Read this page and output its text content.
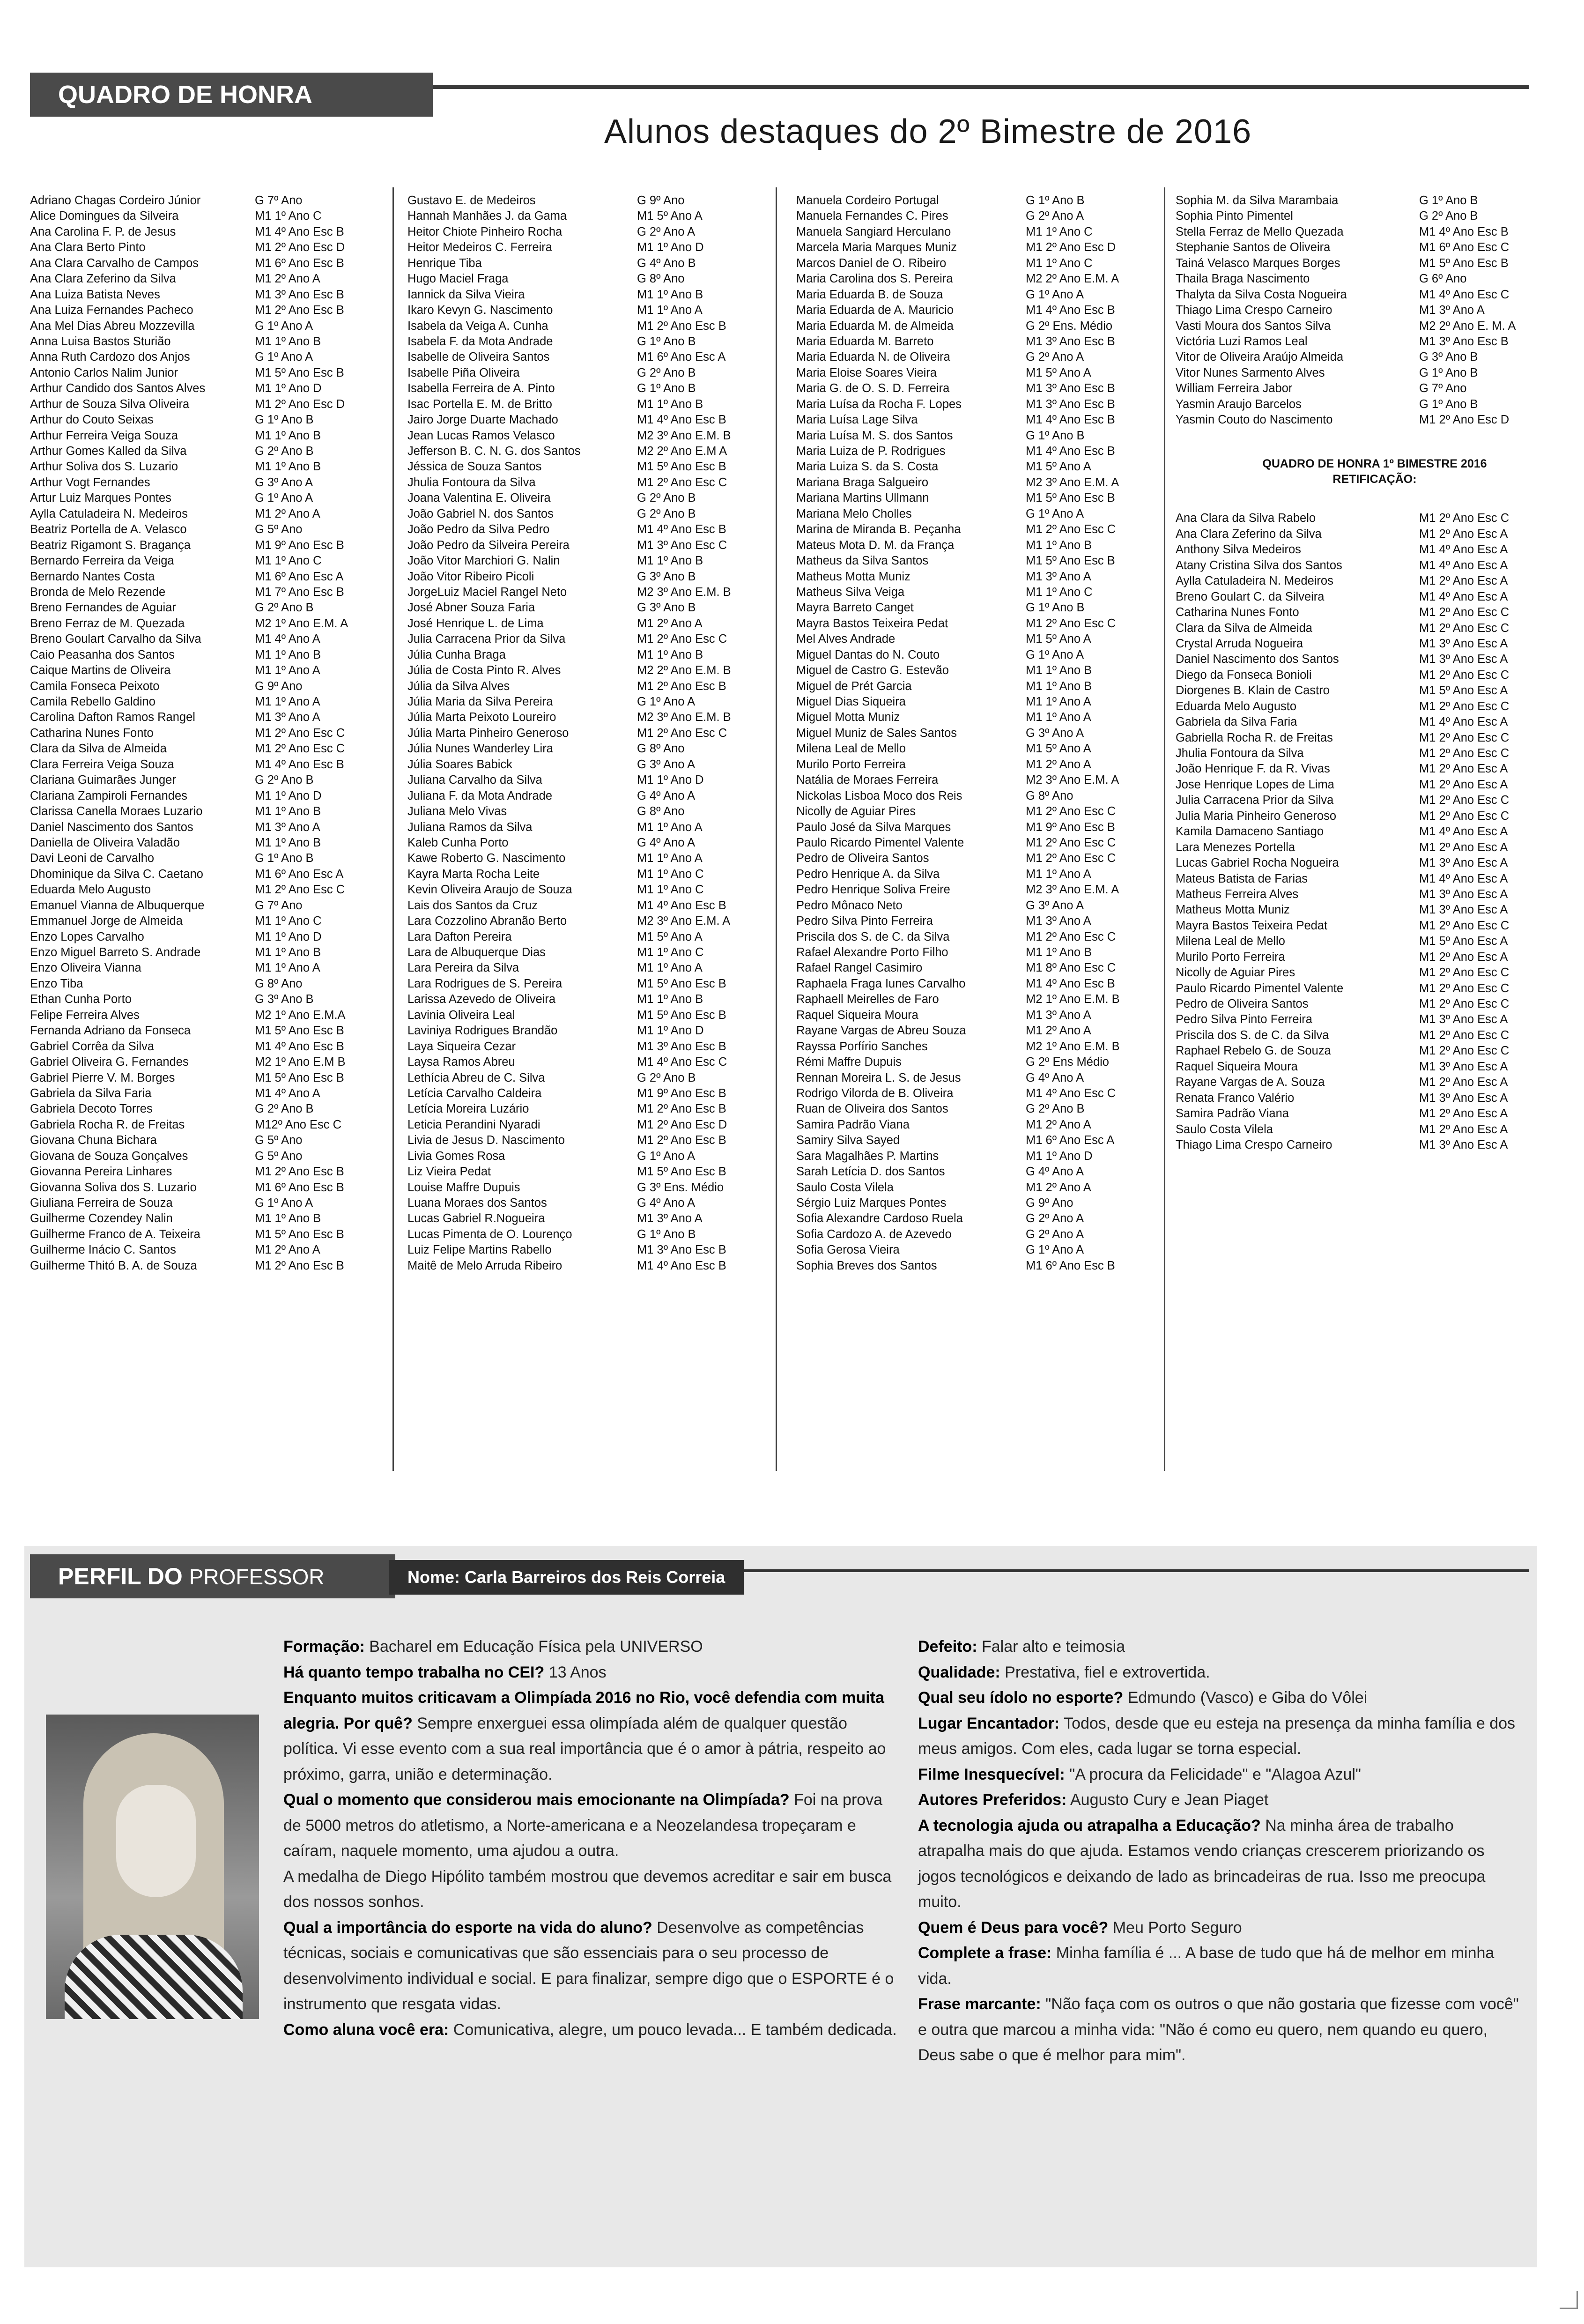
QUADRO DE HONRA
Alunos destaques do 2º Bimestre de 2016
Adriano Chagas Cordeiro Júnior	G 7º Ano
Alice Domingues da Silveira	M1 1º Ano C
Ana Carolina F. P. de Jesus	M1 4º Ano Esc B
Ana Clara Berto Pinto	M1 2º Ano Esc D
Ana Clara Carvalho de Campos	M1 6º Ano Esc B
Ana Clara Zeferino da Silva	M1 2º Ano A
Ana Luiza Batista Neves	M1 3º Ano Esc B
Ana Luiza Fernandes Pacheco	M1 2º Ano Esc B
Ana Mel Dias Abreu Mozzevilla	G 1º Ano A
Anna Luisa Bastos Sturião	M1 1º Ano B
Anna Ruth Cardozo dos Anjos	G 1º Ano A
Antonio Carlos Nalim Junior	M1 5º Ano Esc B
Arthur Candido dos Santos Alves	M1 1º Ano D
Arthur de Souza Silva Oliveira	M1 2º Ano Esc D
Arthur do Couto Seixas	G 1º Ano B
Arthur Ferreira Veiga Souza	M1 1º Ano B
Arthur Gomes Kalled da Silva	G 2º Ano B
Arthur Soliva dos S. Luzario	M1 1º Ano B
Arthur Vogt Fernandes	G 3º Ano A
Artur Luiz Marques Pontes	G 1º Ano A
Aylla Catuladeira N. Medeiros	M1 2º Ano A
Beatriz Portella de A. Velasco	G 5º Ano
Beatriz Rigamont S. Bragança	M1 9º Ano Esc B
Bernardo Ferreira da Veiga	M1 1º Ano C
Bernardo Nantes Costa	M1 6º Ano Esc A
Bronda de Melo Rezende	M1 7º Ano Esc B
Breno Fernandes de Aguiar	G 2º Ano B
Breno Ferraz de M. Quezada	M2 1º Ano E.M. A
Breno Goulart Carvalho da Silva	M1 4º Ano A
Caio Peasanha dos Santos	M1 1º Ano B
Caique Martins de Oliveira	M1 1º Ano A
Camila Fonseca Peixoto	G 9º Ano
Camila Rebello Galdino	M1 1º Ano A
Carolina Dafton Ramos Rangel	M1 3º Ano A
Catharina Nunes Fonto	M1 2º Ano Esc C
Clara da Silva de Almeida	M1 2º Ano Esc C
Clara Ferreira Veiga Souza	M1 4º Ano Esc B
Clariana Guimarães Junger	G 2º Ano B
Clariana Zampiroli Fernandes	M1 1º Ano D
Clarissa Canella Moraes Luzario	M1 1º Ano B
Daniel Nascimento dos Santos	M1 3º Ano A
Daniella de Oliveira Valadão	M1 1º Ano B
Davi Leoni de Carvalho	G 1º Ano B
Dhominique da Silva C. Caetano	M1 6º Ano Esc A
Eduarda Melo Augusto	M1 2º Ano Esc C
Emanuel Vianna de Albuquerque	G 7º Ano
Emmanuel Jorge de Almeida	M1 1º Ano C
Enzo Lopes Carvalho	M1 1º Ano D
Enzo Miguel Barreto S. Andrade	M1 1º Ano B
Enzo Oliveira Vianna	M1 1º Ano A
Enzo Tiba	G 8º Ano
Ethan Cunha Porto	G 3º Ano B
Felipe Ferreira Alves	M2 1º Ano E.M.A
Fernanda Adriano da Fonseca	M1 5º Ano Esc B
Gabriel Corrêa da Silva	M1 4º Ano Esc B
Gabriel Oliveira G. Fernandes	M2 1º Ano E.M B
Gabriel Pierre V. M. Borges	M1 5º Ano Esc B
Gabriela da Silva Faria	M1 4º Ano A
Gabriela Decoto Torres	G 2º Ano B
Gabriela Rocha R. de Freitas	M12º Ano Esc C
Giovana Chuna Bichara	G 5º Ano
Giovana de Souza Gonçalves	G 5º Ano
Giovanna Pereira Linhares	M1 2º Ano Esc B
Giovanna Soliva dos S. Luzario	M1 6º Ano Esc B
Giuliana Ferreira de Souza	G 1º Ano A
Guilherme Cozendey Nalin	M1 1º Ano B
Guilherme Franco de A. Teixeira	M1 5º Ano Esc B
Guilherme Inácio C. Santos	M1 2º Ano A
Guilherme Thitó B. A. de Souza	M1 2º Ano Esc B
Gustavo E. de Medeiros	G 9º Ano
Hannah Manhães J. da Gama	M1 5º Ano A
Heitor Chiote Pinheiro Rocha	G 2º Ano A
Heitor Medeiros C. Ferreira	M1 1º Ano D
Henrique Tiba	G 4º Ano B
Hugo Maciel Fraga	G 8º Ano
Iannick da Silva Vieira	M1 1º Ano B
Ikaro Kevyn G. Nascimento	M1 1º Ano A
Isabela da Veiga A. Cunha	M1 2º Ano Esc B
Isabela F. da Mota Andrade	G 1º Ano B
Isabelle de Oliveira Santos	M1 6º Ano Esc A
Isabelle Piña Oliveira	G 2º Ano B
Isabella Ferreira de A. Pinto	G 1º Ano B
Isac Portella E. M. de Britto	M1 1º Ano B
Jairo Jorge Duarte Machado	M1 4º Ano Esc B
Jean Lucas Ramos Velasco	M2 3º Ano E.M. B
Jefferson B. C. N. G. dos Santos	M2 2º Ano E.M A
Jéssica de Souza Santos	M1 5º Ano Esc B
Jhulia Fontoura da Silva	M1 2º Ano Esc C
Joana Valentina E. Oliveira	G 2º Ano B
João Gabriel N. dos Santos	G 2º Ano B
João Pedro da Silva Pedro	M1 4º Ano Esc B
João Pedro da Silveira Pereira	M1 3º Ano Esc C
João Vitor Marchiori G. Nalin	M1 1º Ano B
João Vitor Ribeiro Picoli	G 3º Ano B
JorgeLuiz Maciel Rangel Neto	M2 3º Ano E.M. B
José Abner Souza Faria	G 3º Ano B
José Henrique L. de Lima	M1 2º Ano A
Julia Carracena Prior da Silva	M1 2º Ano Esc C
Júlia Cunha Braga	M1 1º Ano B
Júlia de Costa Pinto R. Alves	M2 2º Ano E.M. B
Júlia da Silva Alves	M1 2º Ano Esc B
Júlia Maria da Silva Pereira	G 1º Ano A
Júlia Marta Peixoto Loureiro	M2 3º Ano E.M. B
Júlia Marta Pinheiro Generoso	M1 2º Ano Esc C
Júlia Nunes Wanderley Lira	G 8º Ano
Júlia Soares Babick	G 3º Ano A
Juliana Carvalho da Silva	M1 1º Ano D
Juliana F. da Mota Andrade	G 4º Ano A
Juliana Melo Vivas	G 8º Ano
Juliana Ramos da Silva	M1 1º Ano A
Kaleb Cunha Porto	G 4º Ano A
Kawe Roberto G. Nascimento	M1 1º Ano A
Kayra Marta Rocha Leite	M1 1º Ano C
Kevin Oliveira Araujo de Souza	M1 1º Ano C
Lais dos Santos da Cruz	M1 4º Ano Esc B
Lara Cozzolino Abranão Berto	M2 3º Ano E.M. A
Lara Dafton Pereira	M1 5º Ano A
Lara de Albuquerque Dias	M1 1º Ano C
Lara Pereira da Silva	M1 1º Ano A
Lara Rodrigues de S. Pereira	M1 5º Ano Esc B
Larissa Azevedo de Oliveira	M1 1º Ano B
Lavinia Oliveira Leal	M1 5º Ano Esc B
Laviniya Rodrigues Brandão	M1 1º Ano D
Laya Siqueira Cezar	M1 3º Ano Esc B
Laysa Ramos Abreu	M1 4º Ano Esc C
Lethícia Abreu de C. Silva	G 2º Ano B
Letícia Carvalho Caldeira	M1 9º Ano Esc B
Letícia Moreira Luzário	M1 2º Ano Esc B
Leticia Perandini Nyaradi	M1 2º Ano Esc D
Livia de Jesus D. Nascimento	M1 2º Ano Esc B
Livia Gomes Rosa	G 1º Ano A
Liz Vieira Pedat	M1 5º Ano Esc B
Louise Maffre Dupuis	G 3º Ens. Médio
Luana Moraes dos Santos	G 4º Ano A
Lucas Gabriel R.Nogueira	M1 3º Ano A
Lucas Pimenta de O. Lourenço	G 1º Ano B
Luiz Felipe Martins Rabello	M1 3º Ano Esc B
Maitê de Melo Arruda Ribeiro	M1 4º Ano Esc B
Manuela Cordeiro Portugal	G 1º Ano B
Manuela Fernandes C. Pires	G 2º Ano A
Manuela Sangiard Herculano	M1 1º Ano C
Marcela Maria Marques Muniz	M1 2º Ano Esc D
Marcos Daniel de O. Ribeiro	M1 1º Ano C
Maria Carolina dos S. Pereira	M2 2º Ano E.M. A
Maria Eduarda B. de Souza	G 1º Ano A
Maria Eduarda de A. Mauricio	M1 4º Ano Esc B
Maria Eduarda M. de Almeida	G 2º Ens. Médio
Maria Eduarda M. Barreto	M1 3º Ano Esc B
Maria Eduarda N. de Oliveira	G 2º Ano A
Maria Eloise Soares Vieira	M1 5º Ano A
Maria G. de O. S. D. Ferreira	M1 3º Ano Esc B
Maria Luísa da Rocha F. Lopes	M1 3º Ano Esc B
Maria Luísa Lage Silva	M1 4º Ano Esc B
Maria Luísa M. S. dos Santos	G 1º Ano B
Maria Luiza de P. Rodrigues	M1 4º Ano Esc B
Maria Luiza S. da S. Costa	M1 5º Ano A
Mariana Braga Salgueiro	M2 3º Ano E.M. A
Mariana Martins Ullmann	M1 5º Ano Esc B
Mariana Melo Cholles	G 1º Ano A
Marina de Miranda B. Peçanha	M1 2º Ano Esc C
Mateus Mota D. M. da França	M1 1º Ano B
Matheus da Silva Santos	M1 5º Ano Esc B
Matheus Motta Muniz	M1 3º Ano A
Matheus Silva Veiga	M1 1º Ano C
Mayra Barreto Canget	G 1º Ano B
Mayra Bastos Teixeira Pedat	M1 2º Ano Esc C
Mel Alves Andrade	M1 5º Ano A
Miguel Dantas do N. Couto	G 1º Ano A
Miguel de Castro G. Estevão	M1 1º Ano B
Miguel de Prét Garcia	M1 1º Ano B
Miguel Dias Siqueira	M1 1º Ano A
Miguel Motta Muniz	M1 1º Ano A
Miguel Muniz de Sales Santos	G 3º Ano A
Milena Leal de Mello	M1 5º Ano A
Murilo Porto Ferreira	M1 2º Ano A
Natália de Moraes Ferreira	M2 3º Ano E.M. A
Nickolas Lisboa Moco dos Reis	G 8º Ano
Nicolly de Aguiar Pires	M1 2º Ano Esc C
Paulo José da Silva Marques	M1 9º Ano Esc B
Paulo Ricardo Pimentel Valente	M1 2º Ano Esc C
Pedro de Oliveira Santos	M1 2º Ano Esc C
Pedro Henrique A. da Silva	M1 1º Ano A
Pedro Henrique Soliva Freire	M2 3º Ano E.M. A
Pedro Mônaco Neto	G 3º Ano A
Pedro Silva Pinto Ferreira	M1 3º Ano A
Priscila dos S. de C. da Silva	M1 2º Ano Esc C
Rafael Alexandre Porto Filho	M1 1º Ano B
Rafael Rangel Casimiro	M1 8º Ano Esc C
Raphaela Fraga Iunes Carvalho	M1 4º Ano Esc B
Raphaell Meirelles de Faro	M2 1º Ano E.M. B
Raquel Siqueira Moura	M1 3º Ano A
Rayane Vargas de Abreu Souza	M1 2º Ano A
Rayssa Porfírio Sanches	M2 1º Ano E.M. B
Rémi Maffre Dupuis	G 2º Ens Médio
Rennan Moreira L. S. de Jesus	G 4º Ano A
Rodrigo Vilorda de B. Oliveira	M1 4º Ano Esc C
Ruan de Oliveira dos Santos	G 2º Ano B
Samira Padrão Viana	M1 2º Ano A
Samiry Silva Sayed	M1 6º Ano Esc A
Sara Magalhães P. Martins	M1 1º Ano D
Sarah Letícia D. dos Santos	G 4º Ano A
Saulo Costa Vilela	M1 2º Ano A
Sérgio Luiz Marques Pontes	G 9º Ano
Sofia Alexandre Cardoso Ruela	G 2º Ano A
Sofia Cardozo A. de Azevedo	G 2º Ano A
Sofia Gerosa Vieira	G 1º Ano A
Sophia Breves dos Santos	M1 6º Ano Esc B
Sophia M. da Silva Marambaia	G 1º Ano B
Sophia Pinto Pimentel	G 2º Ano B
Stella Ferraz de Mello Quezada	M1 4º Ano Esc B
Stephanie Santos de Oliveira	M1 6º Ano Esc C
Tainá Velasco Marques Borges	M1 5º Ano Esc B
Thaila Braga Nascimento	G 6º Ano
Thalyta da Silva Costa Nogueira	M1 4º Ano Esc C
Thiago Lima Crespo Carneiro	M1 3º Ano A
Vasti Moura dos Santos Silva	M2 2º Ano E. M. A
Victória Luzi Ramos Leal	M1 3º Ano Esc B
Vitor de Oliveira Araújo Almeida	G 3º Ano B
Vitor Nunes Sarmento Alves	G 1º Ano B
William Ferreira Jabor	G 7º Ano
Yasmin Araujo Barcelos	G 1º Ano B
Yasmin Couto do Nascimento	M1 2º Ano Esc D
QUADRO DE HONRA 1º BIMESTRE 2016
RETIFICAÇÃO:
Ana Clara da Silva Rabelo	M1 2º Ano Esc C
Ana Clara Zeferino da Silva	M1 2º Ano Esc A
Anthony Silva Medeiros	M1 4º Ano Esc A
Atany Cristina Silva dos Santos	M1 4º Ano Esc A
Aylla Catuladeira N. Medeiros	M1 2º Ano Esc A
Breno Goulart C. da Silveira	M1 4º Ano Esc A
Catharina Nunes Fonto	M1 2º Ano Esc C
Clara da Silva de Almeida	M1 2º Ano Esc C
Crystal Arruda Nogueira	M1 3º Ano Esc A
Daniel Nascimento dos Santos	M1 3º Ano Esc A
Diego da Fonseca Bonioli	M1 2º Ano Esc C
Diorgenes B. Klain de Castro	M1 5º Ano Esc A
Eduarda Melo Augusto	M1 2º Ano Esc C
Gabriela da Silva Faria	M1 4º Ano Esc A
Gabriella Rocha R. de Freitas	M1 2º Ano Esc C
Jhulia Fontoura da Silva	M1 2º Ano Esc C
João Henrique F. da R. Vivas	M1 2º Ano Esc A
Jose Henrique Lopes de Lima	M1 2º Ano Esc A
Julia Carracena Prior da Silva	M1 2º Ano Esc C
Julia Maria Pinheiro Generoso	M1 2º Ano Esc C
Kamila Damaceno Santiago	M1 4º Ano Esc A
Lara Menezes Portella	M1 2º Ano Esc A
Lucas Gabriel Rocha Nogueira	M1 3º Ano Esc A
Mateus Batista de Farias	M1 4º Ano Esc A
Matheus Ferreira Alves	M1 3º Ano Esc A
Matheus Motta Muniz	M1 3º Ano Esc A
Mayra Bastos Teixeira Pedat	M1 2º Ano Esc C
Milena Leal de Mello	M1 5º Ano Esc A
Murilo Porto Ferreira	M1 2º Ano Esc A
Nicolly de Aguiar Pires	M1 2º Ano Esc C
Paulo Ricardo Pimentel Valente	M1 2º Ano Esc C
Pedro de Oliveira Santos	M1 2º Ano Esc C
Pedro Silva Pinto Ferreira	M1 3º Ano Esc A
Priscila dos S. de C. da Silva	M1 2º Ano Esc C
Raphael Rebelo G. de Souza	M1 2º Ano Esc C
Raquel Siqueira Moura	M1 3º Ano Esc A
Rayane Vargas de A. Souza	M1 2º Ano Esc A
Renata Franco Valério	M1 3º Ano Esc A
Samira Padrão Viana	M1 2º Ano Esc A
Saulo Costa Vilela	M1 2º Ano Esc A
Thiago Lima Crespo Carneiro	M1 3º Ano Esc A
PERFIL DO PROFESSOR	Nome: Carla Barreiros dos Reis Correia

Formação: Bacharel em Educação Física pela UNIVERSO

Há quanto tempo trabalha no CEI? 13 Anos

Enquanto muitos criticavam a Olimpíada 2016 no Rio, você defendia com muita alegria. Por quê? Sempre enxerguei essa olimpíada além de qualquer questão política. Vi esse evento com a sua real importância que é o amor à pátria, respeito ao próximo, garra, união e determinação.

Qual o momento que considerou mais emocionante na Olimpíada? Foi na prova de 5000 metros do atletismo, a Norte-americana e a Neozelandesa tropeçaram e caíram, naquele momento, uma ajudou a outra.

A medalha de Diego Hipólito também mostrou que devemos acreditar e sair em busca dos nossos sonhos.

Qual a importância do esporte na vida do aluno? Desenvolve as competências técnicas, sociais e comunicativas que são essenciais para o seu processo de desenvolvimento individual e social. E para finalizar, sempre digo que o ESPORTE é o instrumento que resgata vidas.

Como aluna você era: Comunicativa, alegre, um pouco levada... E também dedicada.

Defeito: Falar alto e teimosia

Qualidade: Prestativa, fiel e extrovertida.

Qual seu ídolo no esporte? Edmundo (Vasco) e Giba do Vôlei

Lugar Encantador: Todos, desde que eu esteja na presença da minha família e dos meus amigos. Com eles, cada lugar se torna especial.

Filme Inesquecível: "A procura da Felicidade" e "Alagoa Azul"

Autores Preferidos: Augusto Cury e Jean Piaget

A tecnologia ajuda ou atrapalha a Educação? Na minha área de trabalho atrapalha mais do que ajuda. Estamos vendo crianças crescerem priorizando os jogos tecnológicos e deixando de lado as brincadeiras de rua. Isso me preocupa muito.

Quem é Deus para você? Meu Porto Seguro

Complete a frase: Minha família é ... A base de tudo que há de melhor em minha vida.

Frase marcante: "Não faça com os outros o que não gostaria que fizesse com você" e outra que marcou a minha vida: "Não é como eu quero, nem quando eu quero, Deus sabe o que é melhor para mim".
